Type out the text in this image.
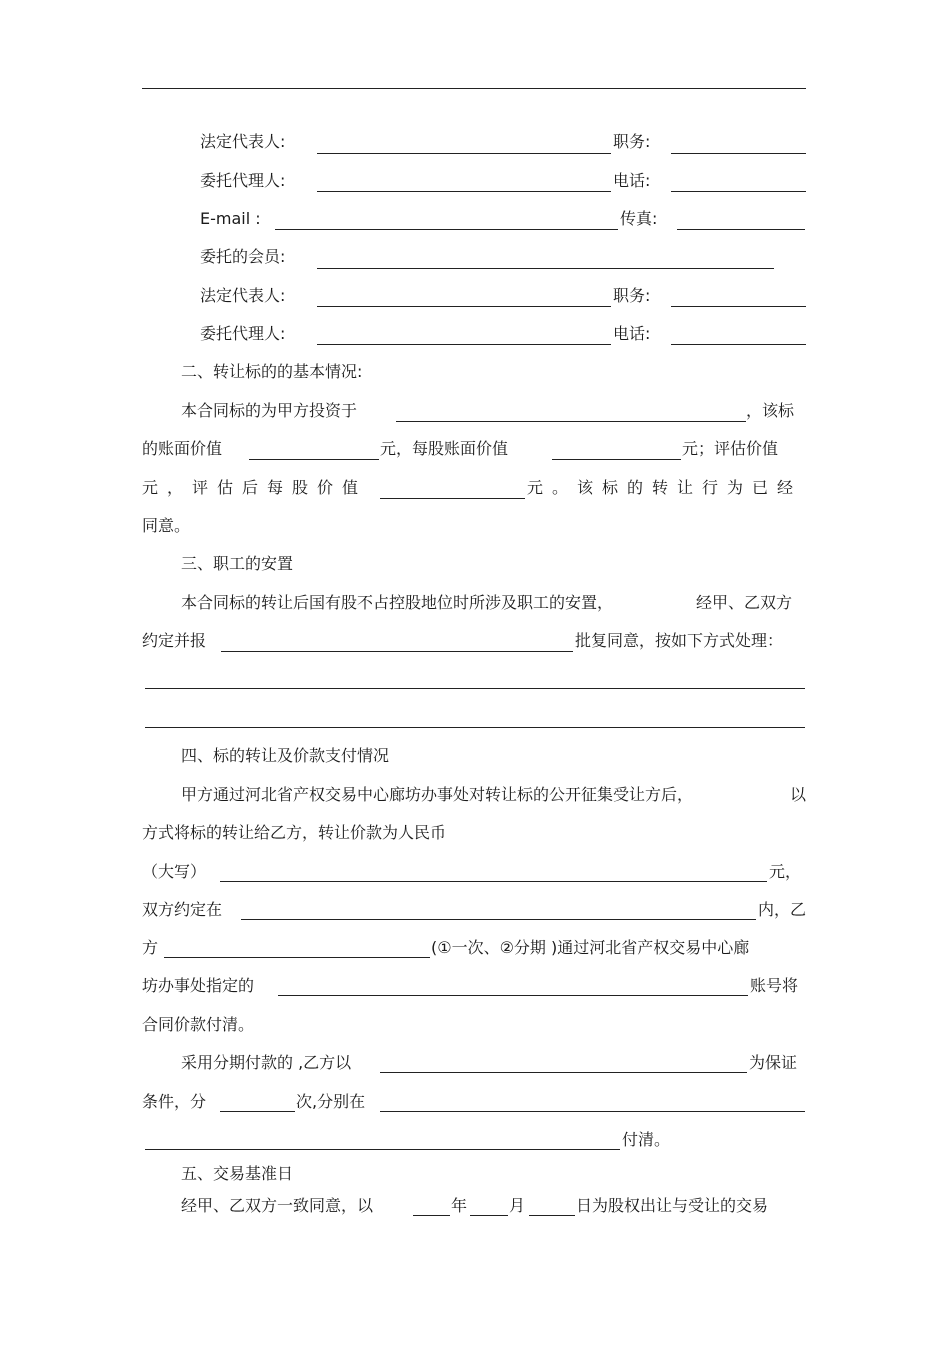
法定代表人:	职务:
委托代理人:	电话:
E-mail :	传真:
委托的会员:
法定代表人:	职务:
委托代理人:	电话:
二、转让标的的基本情况:
本合同标的为甲方投资于	，该标
的账面价值	元，每股账面价值	元；评估价值
元，评估后每股价值	元。该标的转让行为已经
同意。
三、职工的安置
本合同标的转让后国有股不占控股地位时所涉及职工的安置，	经甲、乙双方
约定并报	批复同意，按如下方式处理：
四、标的转让及价款支付情况
甲方通过河北省产权交易中心廊坊办事处对转让标的公开征集受让方后，	以
方式将标的转让给乙方，转让价款为人民币
（大写）	元，
双方约定在	内，乙
方	(①一次、②分期 )通过河北省产权交易中心廊
坊办事处指定的	账号将
合同价款付清。
采用分期付款的 ,乙方以	为保证
条件，分	次,分别在
付清。
五、交易基准日
经甲、乙双方一致同意，以	年	月	日为股权出让与受让的交易
